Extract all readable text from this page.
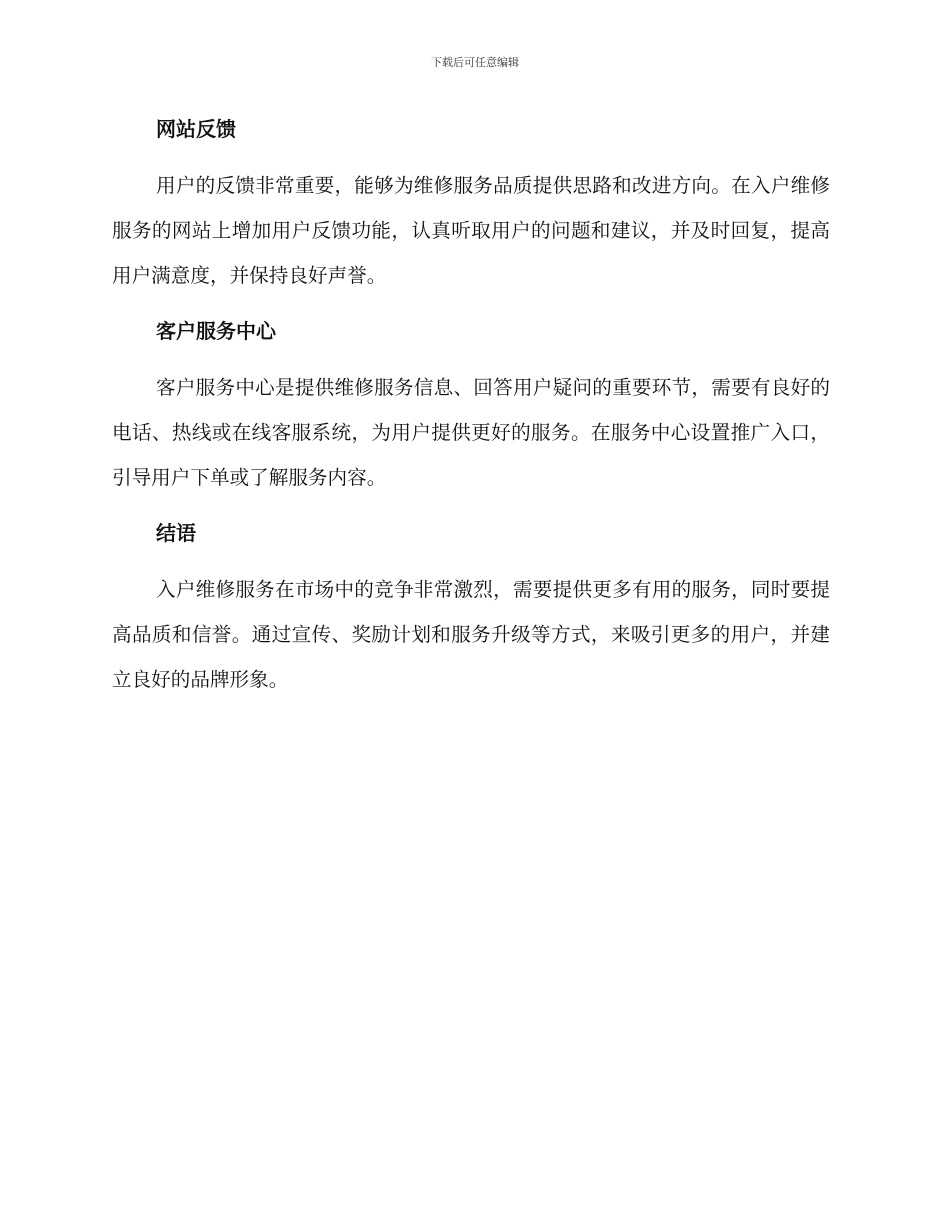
下载后可任意编辑
网站反馈

用户的反馈非常重要，能够为维修服务品质提供思路和改进方向。在入户维修服务的网站上增加用户反馈功能，认真听取用户的问题和建议，并及时回复，提高用户满意度，并保持良好声誉。

客户服务中心

客户服务中心是提供维修服务信息、回答用户疑问的重要环节，需要有良好的电话、热线或在线客服系统，为用户提供更好的服务。在服务中心设置推广入口，引导用户下单或了解服务内容。

结语

入户维修服务在市场中的竞争非常激烈，需要提供更多有用的服务，同时要提高品质和信誉。通过宣传、奖励计划和服务升级等方式，来吸引更多的用户，并建立良好的品牌形象。
